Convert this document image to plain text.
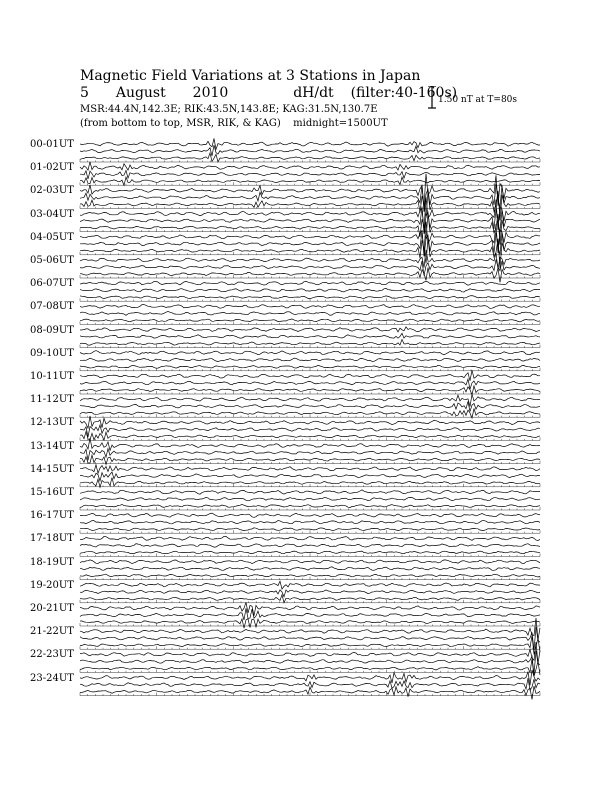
Magnetic Field Variations at 3 Stations in Japan
5 August 2010	dH/dt (filter:40-160s)
MSR:44.4N,142.3E; RIK:43.5N,143.8E; KAG:31.5N,130.7E
(from bottom to top, MSR, RIK, & KAG) midnight=1500UT
1.50 nT at T=80s
00-01UT
01-02UT
02-03UT
03-04UT
04-05UT
05-06UT
06-07UT
07-08UT
08-09UT
09-10UT
10-11UT
11-12UT
12-13UT
13-14UT
14-15UT
15-16UT
16-17UT
17-18UT
18-19UT
19-20UT
20-21UT
21-22UT
22-23UT
23-24UT
